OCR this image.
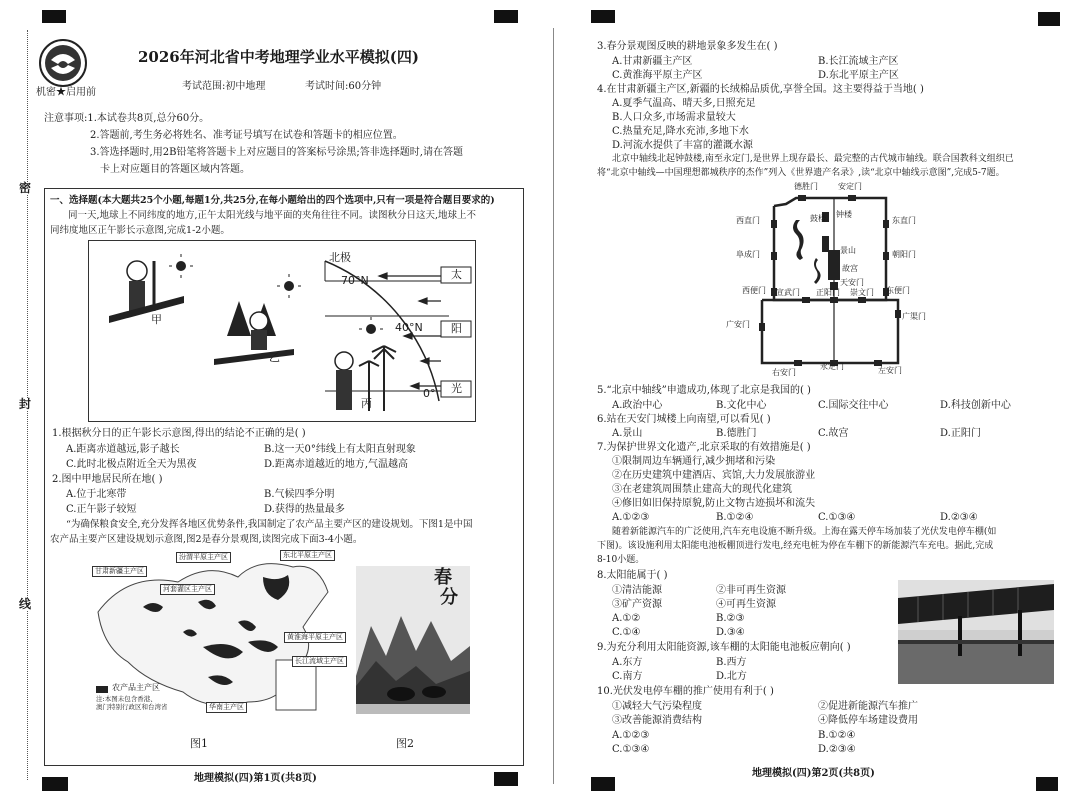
密
封
线
2026年河北省中考地理学业水平模拟(四)
机密★启用前
考试范围:初中地理	考试时间:60分钟
注意事项:1.本试卷共8页,总分60分。
2.答题前,考生务必将姓名、准考证号填写在试卷和答题卡的相应位置。
3.答选择题时,用2B铅笔将答题卡上对应题目的答案标号涂黑;答非选择题时,请在答题
卡上对应题目的答题区域内答题。
一、选择题(本大题共25个小题,每题1分,共25分,在每小题给出的四个选项中,只有一项是符合题目要求的)
同一天,地球上不同纬度的地方,正午太阳光线与地平面的夹角往往不同。读图秋分日这天,地球上不
同纬度地区正午影长示意图,完成1-2小题。
北极
70°N
40°N
0°
太
阳
光
甲
乙
丙
1.根据秋分日的正午影长示意图,得出的结论不正确的是( )
A.距离赤道越远,影子越长	B.这一天0°纬线上有太阳直射现象
C.此时北极点附近全天为黑夜	D.距离赤道越近的地方,气温越高
2.图中甲地居民所在地( )
A.位于北寒带	B.气候四季分明
C.正午影子较短	D.获得的热量最多
“为确保粮食安全,充分发挥各地区优势条件,我国制定了农产品主要产区的建设规划。下图1是中国
农产品主要产区建设规划示意图,图2是春分景观图,读图完成下面3-4小题。
甘肃新疆主产区
汾渭平原主产区
河套灌区主产区
东北平原主产区
黄淮海平原主产区
长江流域主产区
华南主产区
农产品主产区
注:本图未包含香港、
澳门特别行政区和台湾省
春
分
图1	图2
地理模拟(四)第1页(共8页)
3.春分景观图反映的耕地景象多发生在( )
A.甘肃新疆主产区	B.长江流域主产区
C.黄淮海平原主产区	D.东北平原主产区
4.在甘肃新疆主产区,新疆的长绒棉品质优,享誉全国。这主要得益于当地( )
A.夏季气温高、晴天多,日照充足
B.人口众多,市场需求量较大
C.热量充足,降水充沛,多地下水
D.河流水提供了丰富的灌溉水源
北京中轴线北起钟鼓楼,南至永定门,是世界上现存最长、最完整的古代城市轴线。联合国教科文组织已
将“北京中轴线—中国理想都城秩序的杰作”列入《世界遗产名录》,读“北京中轴线示意图”,完成5-7题。
德胜门	安定门
西直门	东直门
鼓楼 钟楼
阜成门	朝阳门
景山
故宫
天安门
西便门 宣武门 正阳门 崇文门 东便门
广安门
广渠门
右安门
永定门	左安门
5.“北京中轴线”申遗成功,体现了北京是我国的( )
A.政治中心	B.文化中心	C.国际交往中心	D.科技创新中心
6.站在天安门城楼上向南望,可以看见( )
A.景山	B.德胜门	C.故宫	D.正阳门
7.为保护世界文化遗产,北京采取的有效措施是( )
①限制周边车辆通行,减少拥堵和污染
②在历史建筑中建酒店、宾馆,大力发展旅游业
③在老建筑周围禁止建高大的现代化建筑
④修旧如旧保持原貌,防止文物古迹损坏和流失
A.①②③	B.①②④	C.①③④	D.②③④
随着新能源汽车的广泛使用,汽车充电设施不断升级。上海在露天停车场加装了光伏发电停车棚(如
下图)。该设施利用太阳能电池板棚顶进行发电,经充电桩为停在车棚下的新能源汽车充电。据此,完成
8-10小题。
8.太阳能属于( )
①清洁能源	②非可再生资源
③矿产资源	④可再生资源
A.①②	B.②③
C.①④	D.③④
9.为充分利用太阳能资源,该车棚的太阳能电池板应朝向( )
A.东方	B.西方
C.南方	D.北方
10.光伏发电停车棚的推广使用有利于( )
①减轻大气污染程度	②促进新能源汽车推广
③改善能源消费结构	④降低停车场建设费用
A.①②③	B.①②④
C.①③④	D.②③④
地理模拟(四)第2页(共8页)
